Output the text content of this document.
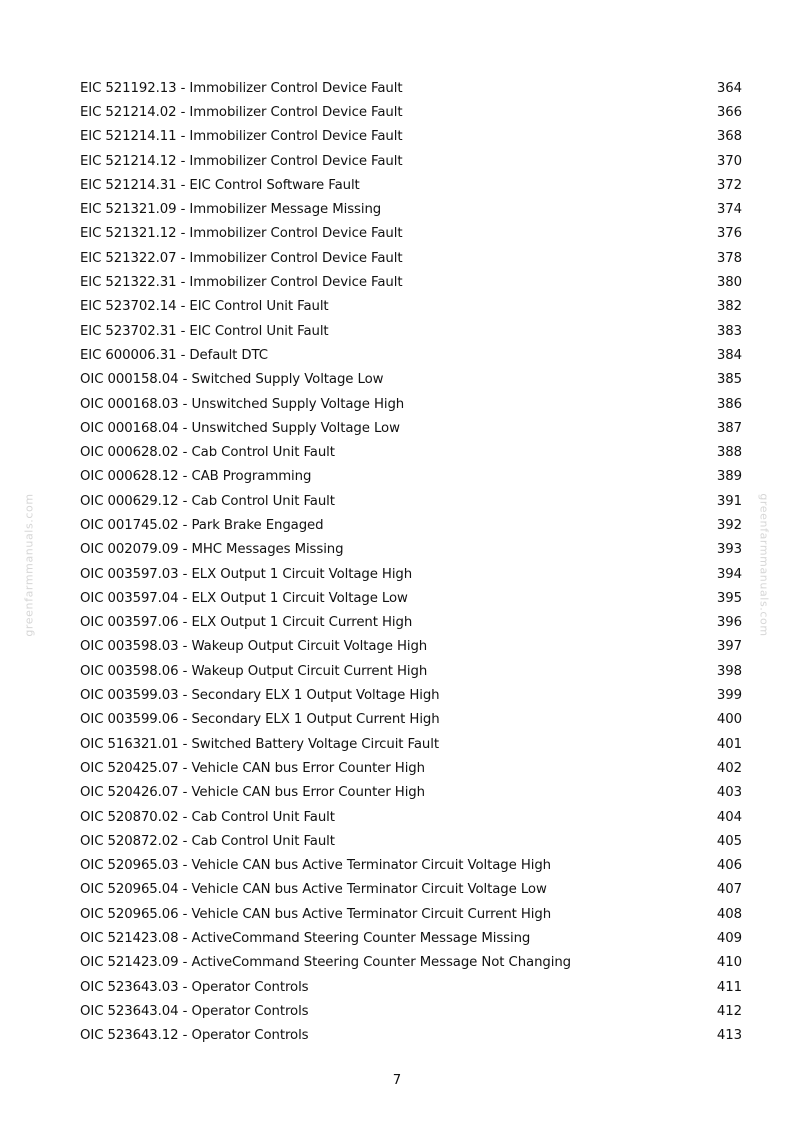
EIC 521192.13 - Immobilizer Control Device Fault	364
EIC 521214.02 - Immobilizer Control Device Fault	366
EIC 521214.11 - Immobilizer Control Device Fault	368
EIC 521214.12 - Immobilizer Control Device Fault	370
EIC 521214.31 - EIC Control Software Fault	372
EIC 521321.09 - Immobilizer Message Missing	374
EIC 521321.12 - Immobilizer Control Device Fault	376
EIC 521322.07 - Immobilizer Control Device Fault	378
EIC 521322.31 - Immobilizer Control Device Fault	380
EIC 523702.14 - EIC Control Unit Fault	382
EIC 523702.31 - EIC Control Unit Fault	383
EIC 600006.31 - Default DTC	384
OIC 000158.04 - Switched Supply Voltage Low	385
OIC 000168.03 - Unswitched Supply Voltage High	386
OIC 000168.04 - Unswitched Supply Voltage Low	387
OIC 000628.02 - Cab Control Unit Fault	388
OIC 000628.12 - CAB Programming	389
OIC 000629.12 - Cab Control Unit Fault	391
OIC 001745.02 - Park Brake Engaged	392
OIC 002079.09 - MHC Messages Missing	393
OIC 003597.03 - ELX Output 1 Circuit Voltage High	394
OIC 003597.04 - ELX Output 1 Circuit Voltage Low	395
OIC 003597.06 - ELX Output 1 Circuit Current High	396
OIC 003598.03 - Wakeup Output Circuit Voltage High	397
OIC 003598.06 - Wakeup Output Circuit Current High	398
OIC 003599.03 - Secondary ELX 1 Output Voltage High	399
OIC 003599.06 - Secondary ELX 1 Output Current High	400
OIC 516321.01 - Switched Battery Voltage Circuit Fault	401
OIC 520425.07 - Vehicle CAN bus Error Counter High	402
OIC 520426.07 - Vehicle CAN bus Error Counter High	403
OIC 520870.02 - Cab Control Unit Fault	404
OIC 520872.02 - Cab Control Unit Fault	405
OIC 520965.03 - Vehicle CAN bus Active Terminator Circuit Voltage High	406
OIC 520965.04 - Vehicle CAN bus Active Terminator Circuit Voltage Low	407
OIC 520965.06 - Vehicle CAN bus Active Terminator Circuit Current High	408
OIC 521423.08 - ActiveCommand Steering Counter Message Missing	409
OIC 521423.09 - ActiveCommand Steering Counter Message Not Changing	410
OIC 523643.03 - Operator Controls	411
OIC 523643.04 - Operator Controls	412
OIC 523643.12 - Operator Controls	413
greenfarmmanuals.com	greenfarmmanuals.com
7
